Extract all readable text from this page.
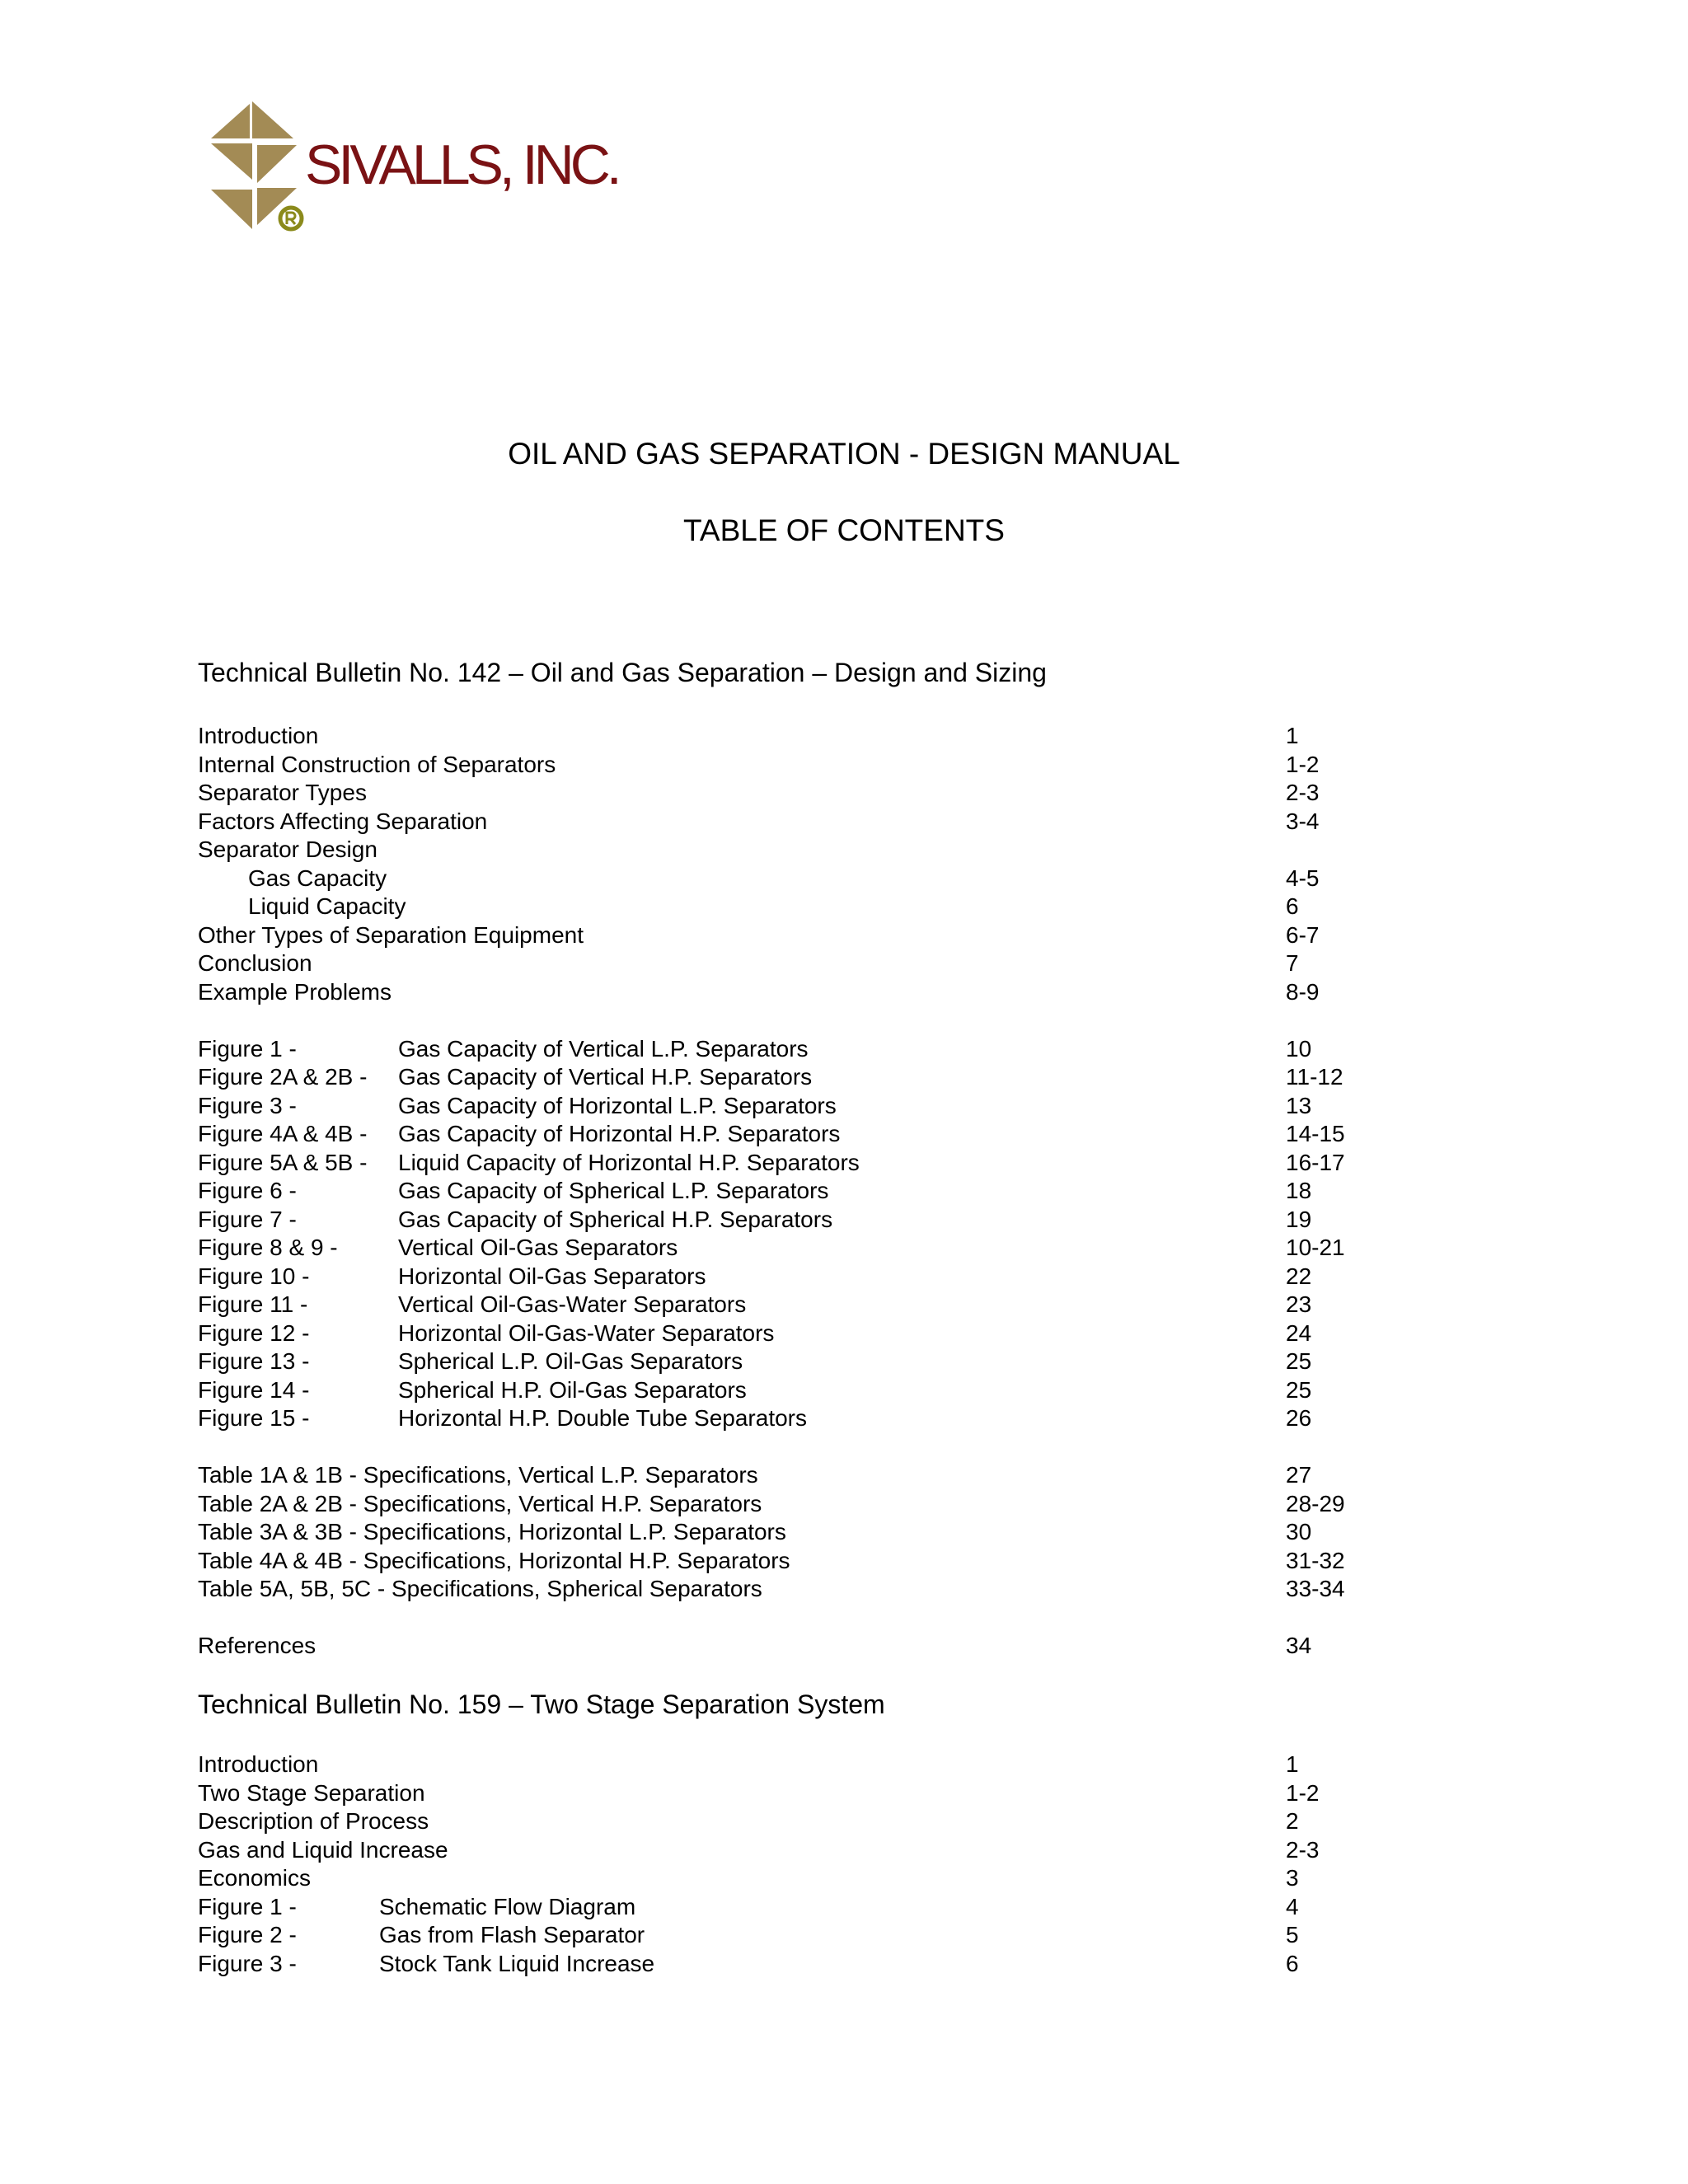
SIVALLS, INC.
OIL AND GAS SEPARATION - DESIGN MANUAL
TABLE OF CONTENTS
Technical Bulletin No. 142 – Oil and Gas Separation – Design and Sizing
Introduction	1
Internal Construction of Separators	1-2
Separator Types	2-3
Factors Affecting Separation	3-4
Separator Design
Gas Capacity	4-5
Liquid Capacity	6
Other Types of Separation Equipment	6-7
Conclusion	7
Example Problems	8-9
Figure 1 -	Gas Capacity of Vertical L.P. Separators	10
Figure 2A & 2B - Gas Capacity of Vertical H.P. Separators	11-12
Figure 3 -	Gas Capacity of Horizontal L.P. Separators	13
Figure 4A & 4B - Gas Capacity of Horizontal H.P. Separators	14-15
Figure 5A & 5B - Liquid Capacity of Horizontal H.P. Separators	16-17
Figure 6 -	Gas Capacity of Spherical L.P. Separators	18
Figure 7 -	Gas Capacity of Spherical H.P. Separators	19
Figure 8 & 9 -	Vertical Oil-Gas Separators	10-21
Figure 10 -	Horizontal Oil-Gas Separators	22
Figure 11 -	Vertical Oil-Gas-Water Separators	23
Figure 12 -	Horizontal Oil-Gas-Water Separators	24
Figure 13 -	Spherical L.P. Oil-Gas Separators	25
Figure 14 -	Spherical H.P. Oil-Gas Separators	25
Figure 15 -	Horizontal H.P. Double Tube Separators	26
Table 1A & 1B - Specifications, Vertical L.P. Separators	27
Table 2A & 2B - Specifications, Vertical H.P. Separators	28-29
Table 3A & 3B - Specifications, Horizontal L.P. Separators	30
Table 4A & 4B - Specifications, Horizontal H.P. Separators	31-32
Table 5A, 5B, 5C - Specifications, Spherical Separators	33-34
References	34
Technical Bulletin No. 159 – Two Stage Separation System
Introduction	1
Two Stage Separation	1-2
Description of Process	2
Gas and Liquid Increase	2-3
Economics	3
Figure 1 -	Schematic Flow Diagram	4
Figure 2 -	Gas from Flash Separator	5
Figure 3 -	Stock Tank Liquid Increase	6
